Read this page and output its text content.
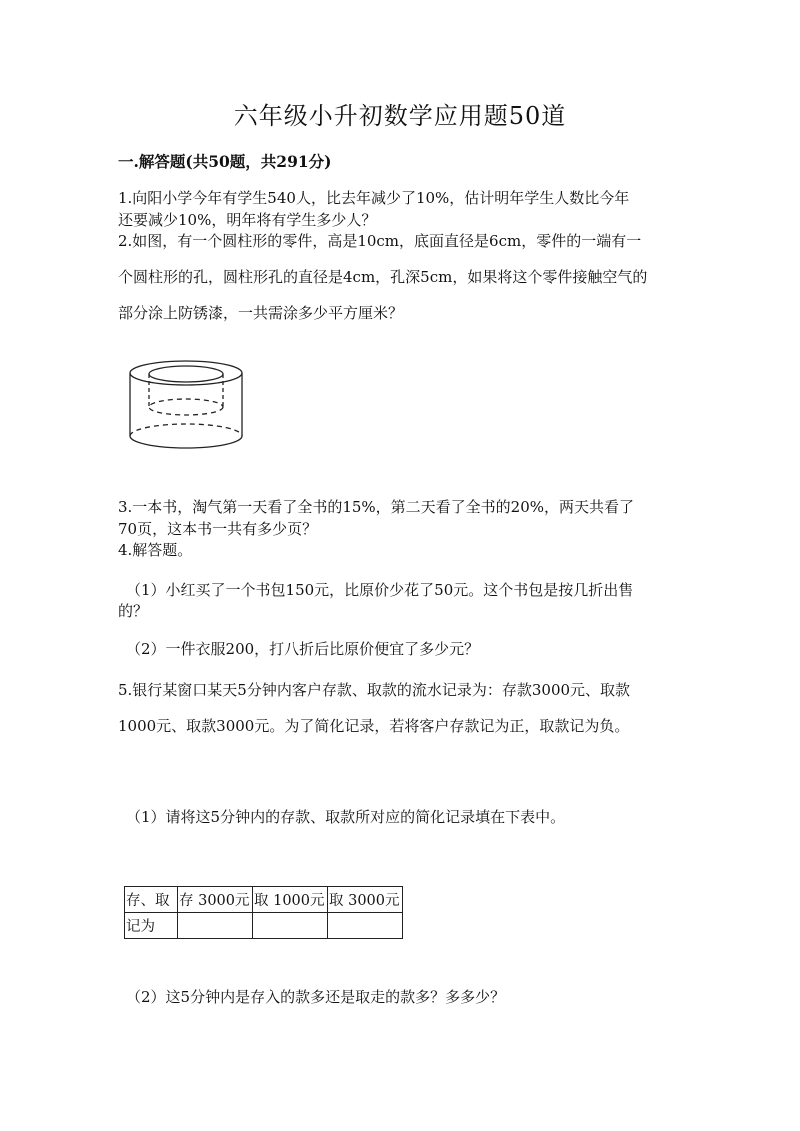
六年级小升初数学应用题50道
一.解答题(共50题，共291分)
1.向阳小学今年有学生540人，比去年减少了10%，估计明年学生人数比今年
还要减少10%，明年将有学生多少人？
2.如图，有一个圆柱形的零件，高是10cm，底面直径是6cm，零件的一端有一
个圆柱形的孔，圆柱形孔的直径是4cm，孔深5cm，如果将这个零件接触空气的
部分涂上防锈漆，一共需涂多少平方厘米？
3.一本书，淘气第一天看了全书的15%，第二天看了全书的20%，两天共看了
70页，这本书一共有多少页？
4.解答题。
（1）小红买了一个书包150元，比原价少花了50元。这个书包是按几折出售
的？
（2）一件衣服200，打八折后比原价便宜了多少元？
5.银行某窗口某天5分钟内客户存款、取款的流水记录为：存款3000元、取款
1000元、取款3000元。为了简化记录，若将客户存款记为正，取款记为负。
（1）请将这5分钟内的存款、取款所对应的简化记录填在下表中。
存、取	存 3000元	取 1000元	取 3000元
记为			
（2）这5分钟内是存入的款多还是取走的款多？多多少？
